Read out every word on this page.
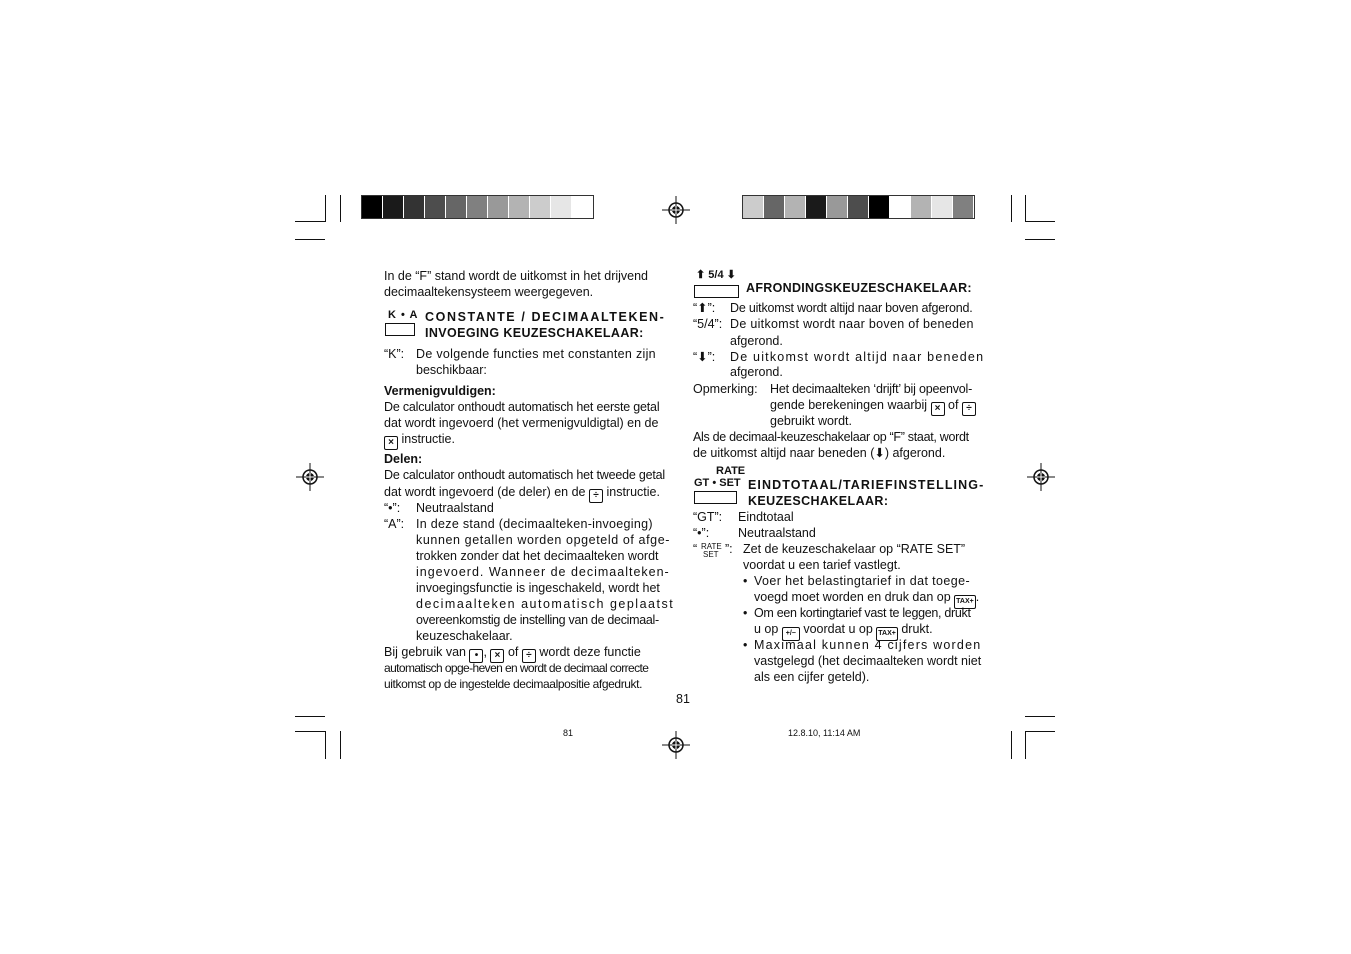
In de “F” stand wordt de uitkomst in het drijvend
decimaaltekensysteem weergegeven.
K • A CONSTANTE / DECIMAALTEKEN-
INVOEGING KEUZESCHAKELAAR:
“K”: De volgende functies met constanten zijn
beschikbaar:
Vermenigvuldigen:
De calculator onthoudt automatisch het eerste getal
dat wordt ingevoerd (het vermenigvuldigtal) en de
× instructie.
Delen:
De calculator onthoudt automatisch het tweede getal
dat wordt ingevoerd (de deler) en de ÷ instructie.
“•”: Neutraalstand
“A”: In deze stand (decimaalteken-invoeging)
kunnen getallen worden opgeteld of afge-
trokken zonder dat het decimaalteken wordt
ingevoerd. Wanneer de decimaalteken-
invoegingsfunctie is ingeschakeld, wordt het
decimaalteken automatisch geplaatst
overeenkomstig de instelling van de decimaal-
keuzeschakelaar.
Bij gebruik van • , × of ÷ wordt deze functie
automatisch opge-heven en wordt de decimaal correcte
uitkomst op de ingestelde decimaalpositie afgedrukt.
⬆ 5/4 ⬇
AFRONDINGSKEUZESCHAKELAAR:
“⬆”: De uitkomst wordt altijd naar boven afgerond.
“5/4”: De uitkomst wordt naar boven of beneden
afgerond.
“⬇”: De uitkomst wordt altijd naar beneden
afgerond.
Opmerking: Het decimaalteken ‘drijft’ bij opeenvol-
gende berekeningen waarbij × of ÷
gebruikt wordt.
Als de decimaal-keuzeschakelaar op “F” staat, wordt
de uitkomst altijd naar beneden (⬇) afgerond.
RATE
GT • SET EINDTOTAAL/TARIEFINSTELLING-
KEUZESCHAKELAAR:
“GT”: Eindtotaal
“•”: Neutraalstand
“ RATE
SET ”: Zet de keuzeschakelaar op “RATE SET”
voordat u een tarief vastlegt.
• Voer het belastingtarief in dat toege-
voegd moet worden en druk dan op TAX+ .
• Om een kortingtarief vast te leggen, drukt
u op +/− voordat u op TAX+ drukt.
• Maximaal kunnen 4 cijfers worden
vastgelegd (het decimaalteken wordt niet
als een cijfer geteld).
81
81	12.8.10, 11:14 AM
